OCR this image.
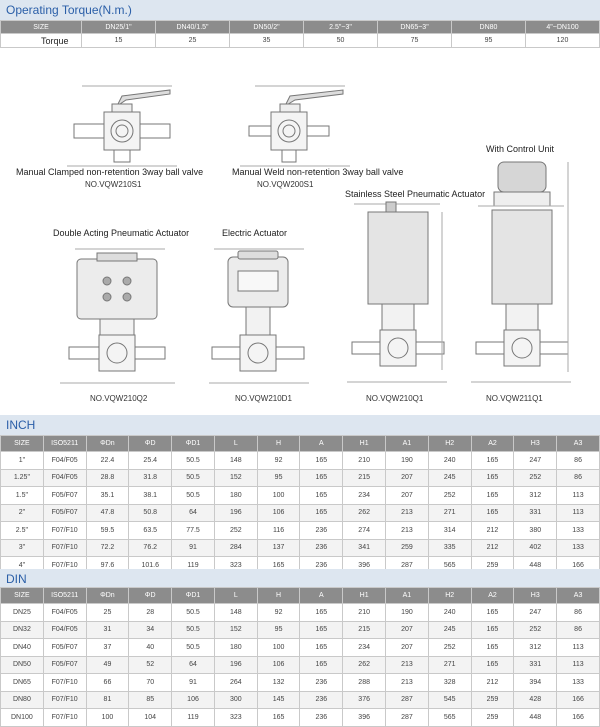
Operating Torque(N.m.)
SIZE	DN25/1"	DN40/1.5"	DN50/2"	2.5"~3"	DN65~3"	DN80	4"~DN100
Torque	15	25	35	50	75	95	120
Manual Clamped non-retention 3way ball valve
NO.VQW210S1
Manual Weld non-retention 3way ball valve
NO.VQW200S1
With Control Unit
Stainless Steel Pneumatic Actuator
Double Acting Pneumatic Actuator
NO.VQW210Q2
Electric Actuator
NO.VQW210D1	NO.VQW210Q1	NO.VQW211Q1
INCH
SIZE	ISO5211	ΦDn	ΦD	ΦD1	L	H	A	H1	A1	H2	A2	H3	A3
1"	F04/F05	22.4	25.4	50.5	148	92	165	210	190	240	165	247	86
1.25"	F04/F05	28.8	31.8	50.5	152	95	165	215	207	245	165	252	86
1.5"	F05/F07	35.1	38.1	50.5	180	100	165	234	207	252	165	312	113
2"	F05/F07	47.8	50.8	64	196	106	165	262	213	271	165	331	113
2.5"	F07/F10	59.5	63.5	77.5	252	116	236	274	213	314	212	380	133
3"	F07/F10	72.2	76.2	91	284	137	236	341	259	335	212	402	133
4"	F07/F10	97.6	101.6	119	323	165	236	396	287	565	259	448	166
DIN
SIZE	ISO5211	ΦDn	ΦD	ΦD1	L	H	A	H1	A1	H2	A2	H3	A3
DN25	F04/F05	25	28	50.5	148	92	165	210	190	240	165	247	86
DN32	F04/F05	31	34	50.5	152	95	165	215	207	245	165	252	86
DN40	F05/F07	37	40	50.5	180	100	165	234	207	252	165	312	113
DN50	F05/F07	49	52	64	196	106	165	262	213	271	165	331	113
DN65	F07/F10	66	70	91	264	132	236	288	213	328	212	394	133
DN80	F07/F10	81	85	106	300	145	236	376	287	545	259	428	166
DN100	F07/F10	100	104	119	323	165	236	396	287	565	259	448	166
